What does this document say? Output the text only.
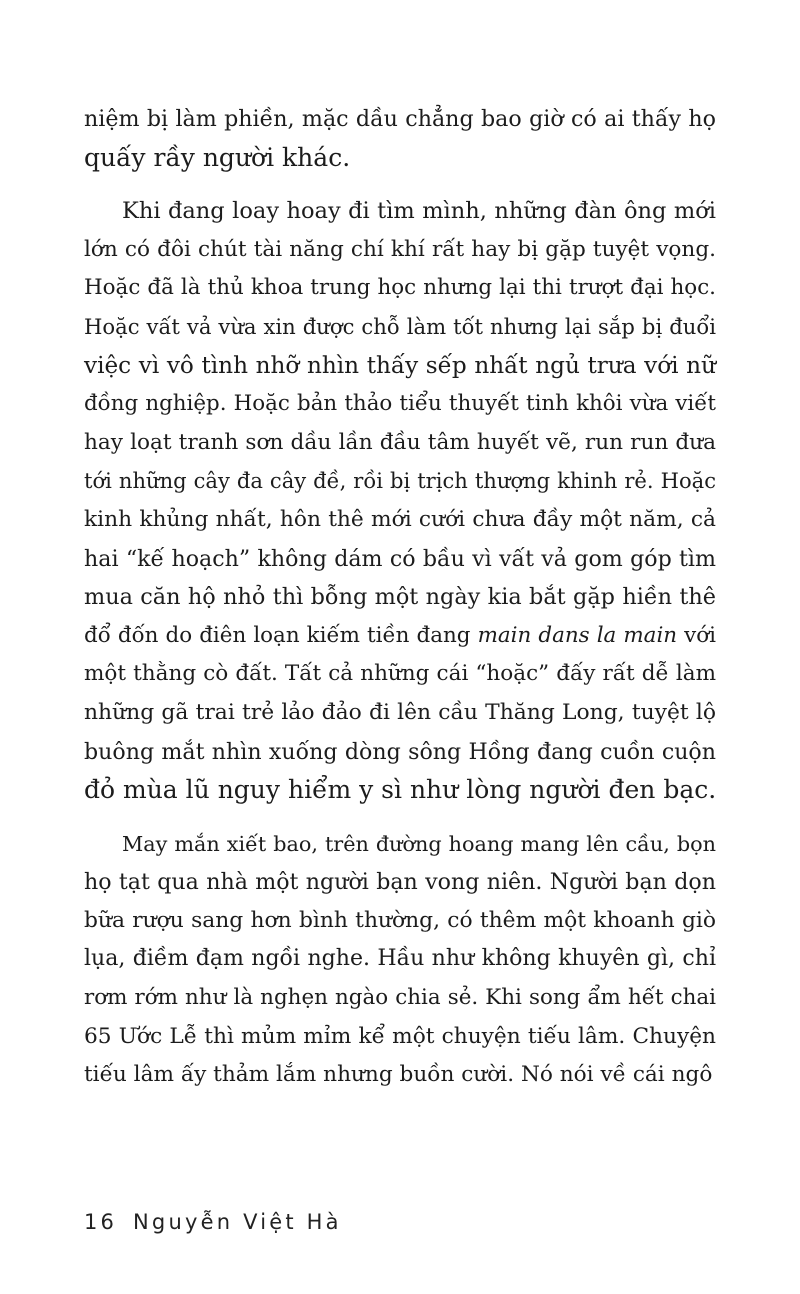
niệm bị làm phiền, mặc dầu chẳng bao giờ có ai thấy họ
quấy rầy người khác.

Khi đang loay hoay đi tìm mình, những đàn ông mới
lớn có đôi chút tài năng chí khí rất hay bị gặp tuyệt vọng.
Hoặc đã là thủ khoa trung học nhưng lại thi trượt đại học.
Hoặc vất vả vừa xin được chỗ làm tốt nhưng lại sắp bị đuổi
việc vì vô tình nhỡ nhìn thấy sếp nhất ngủ trưa với nữ
đồng nghiệp. Hoặc bản thảo tiểu thuyết tinh khôi vừa viết
hay loạt tranh sơn dầu lần đầu tâm huyết vẽ, run run đưa
tới những cây đa cây đề, rồi bị trịch thượng khinh rẻ. Hoặc
kinh khủng nhất, hôn thê mới cưới chưa đầy một năm, cả
hai “kế hoạch” không dám có bầu vì vất vả gom góp tìm
mua căn hộ nhỏ thì bỗng một ngày kia bắt gặp hiền thê
đổ đốn do điên loạn kiếm tiền đang main dans la main với
một thằng cò đất. Tất cả những cái “hoặc” đấy rất dễ làm
những gã trai trẻ lảo đảo đi lên cầu Thăng Long, tuyệt lộ
buông mắt nhìn xuống dòng sông Hồng đang cuồn cuộn
đỏ mùa lũ nguy hiểm y sì như lòng người đen bạc.

May mắn xiết bao, trên đường hoang mang lên cầu, bọn
họ tạt qua nhà một người bạn vong niên. Người bạn dọn
bữa rượu sang hơn bình thường, có thêm một khoanh giò
lụa, điềm đạm ngồi nghe. Hầu như không khuyên gì, chỉ
rơm rớm như là nghẹn ngào chia sẻ. Khi song ẩm hết chai
65 Ước Lễ thì mủm mỉm kể một chuyện tiếu lâm. Chuyện
tiếu lâm ấy thảm lắm nhưng buồn cười. Nó nói về cái ngô

16 Nguyễn Việt Hà
